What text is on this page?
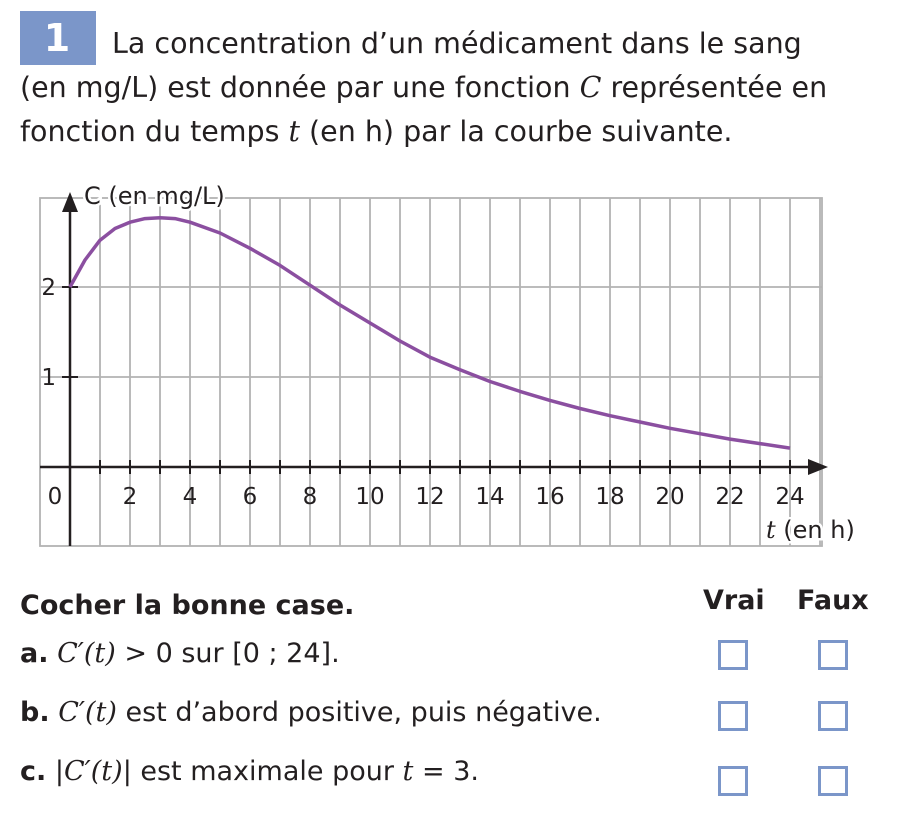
1	La concentration d’un médicament dans le sang
(en mg/L) est donnée par une fonction C représentée en
fonction du temps t (en h) par la courbe suivante.

0	2 4 6 8 10 12 14 16 18 20 22 24
1
2
C (en mg/L)
t (en h)
Cocher la bonne case.	Vrai Faux
a. C′(t) > 0 sur [0 ; 24].
b. C′(t) est d’abord positive, puis négative.
c. |C′(t)| est maximale pour t = 3.
